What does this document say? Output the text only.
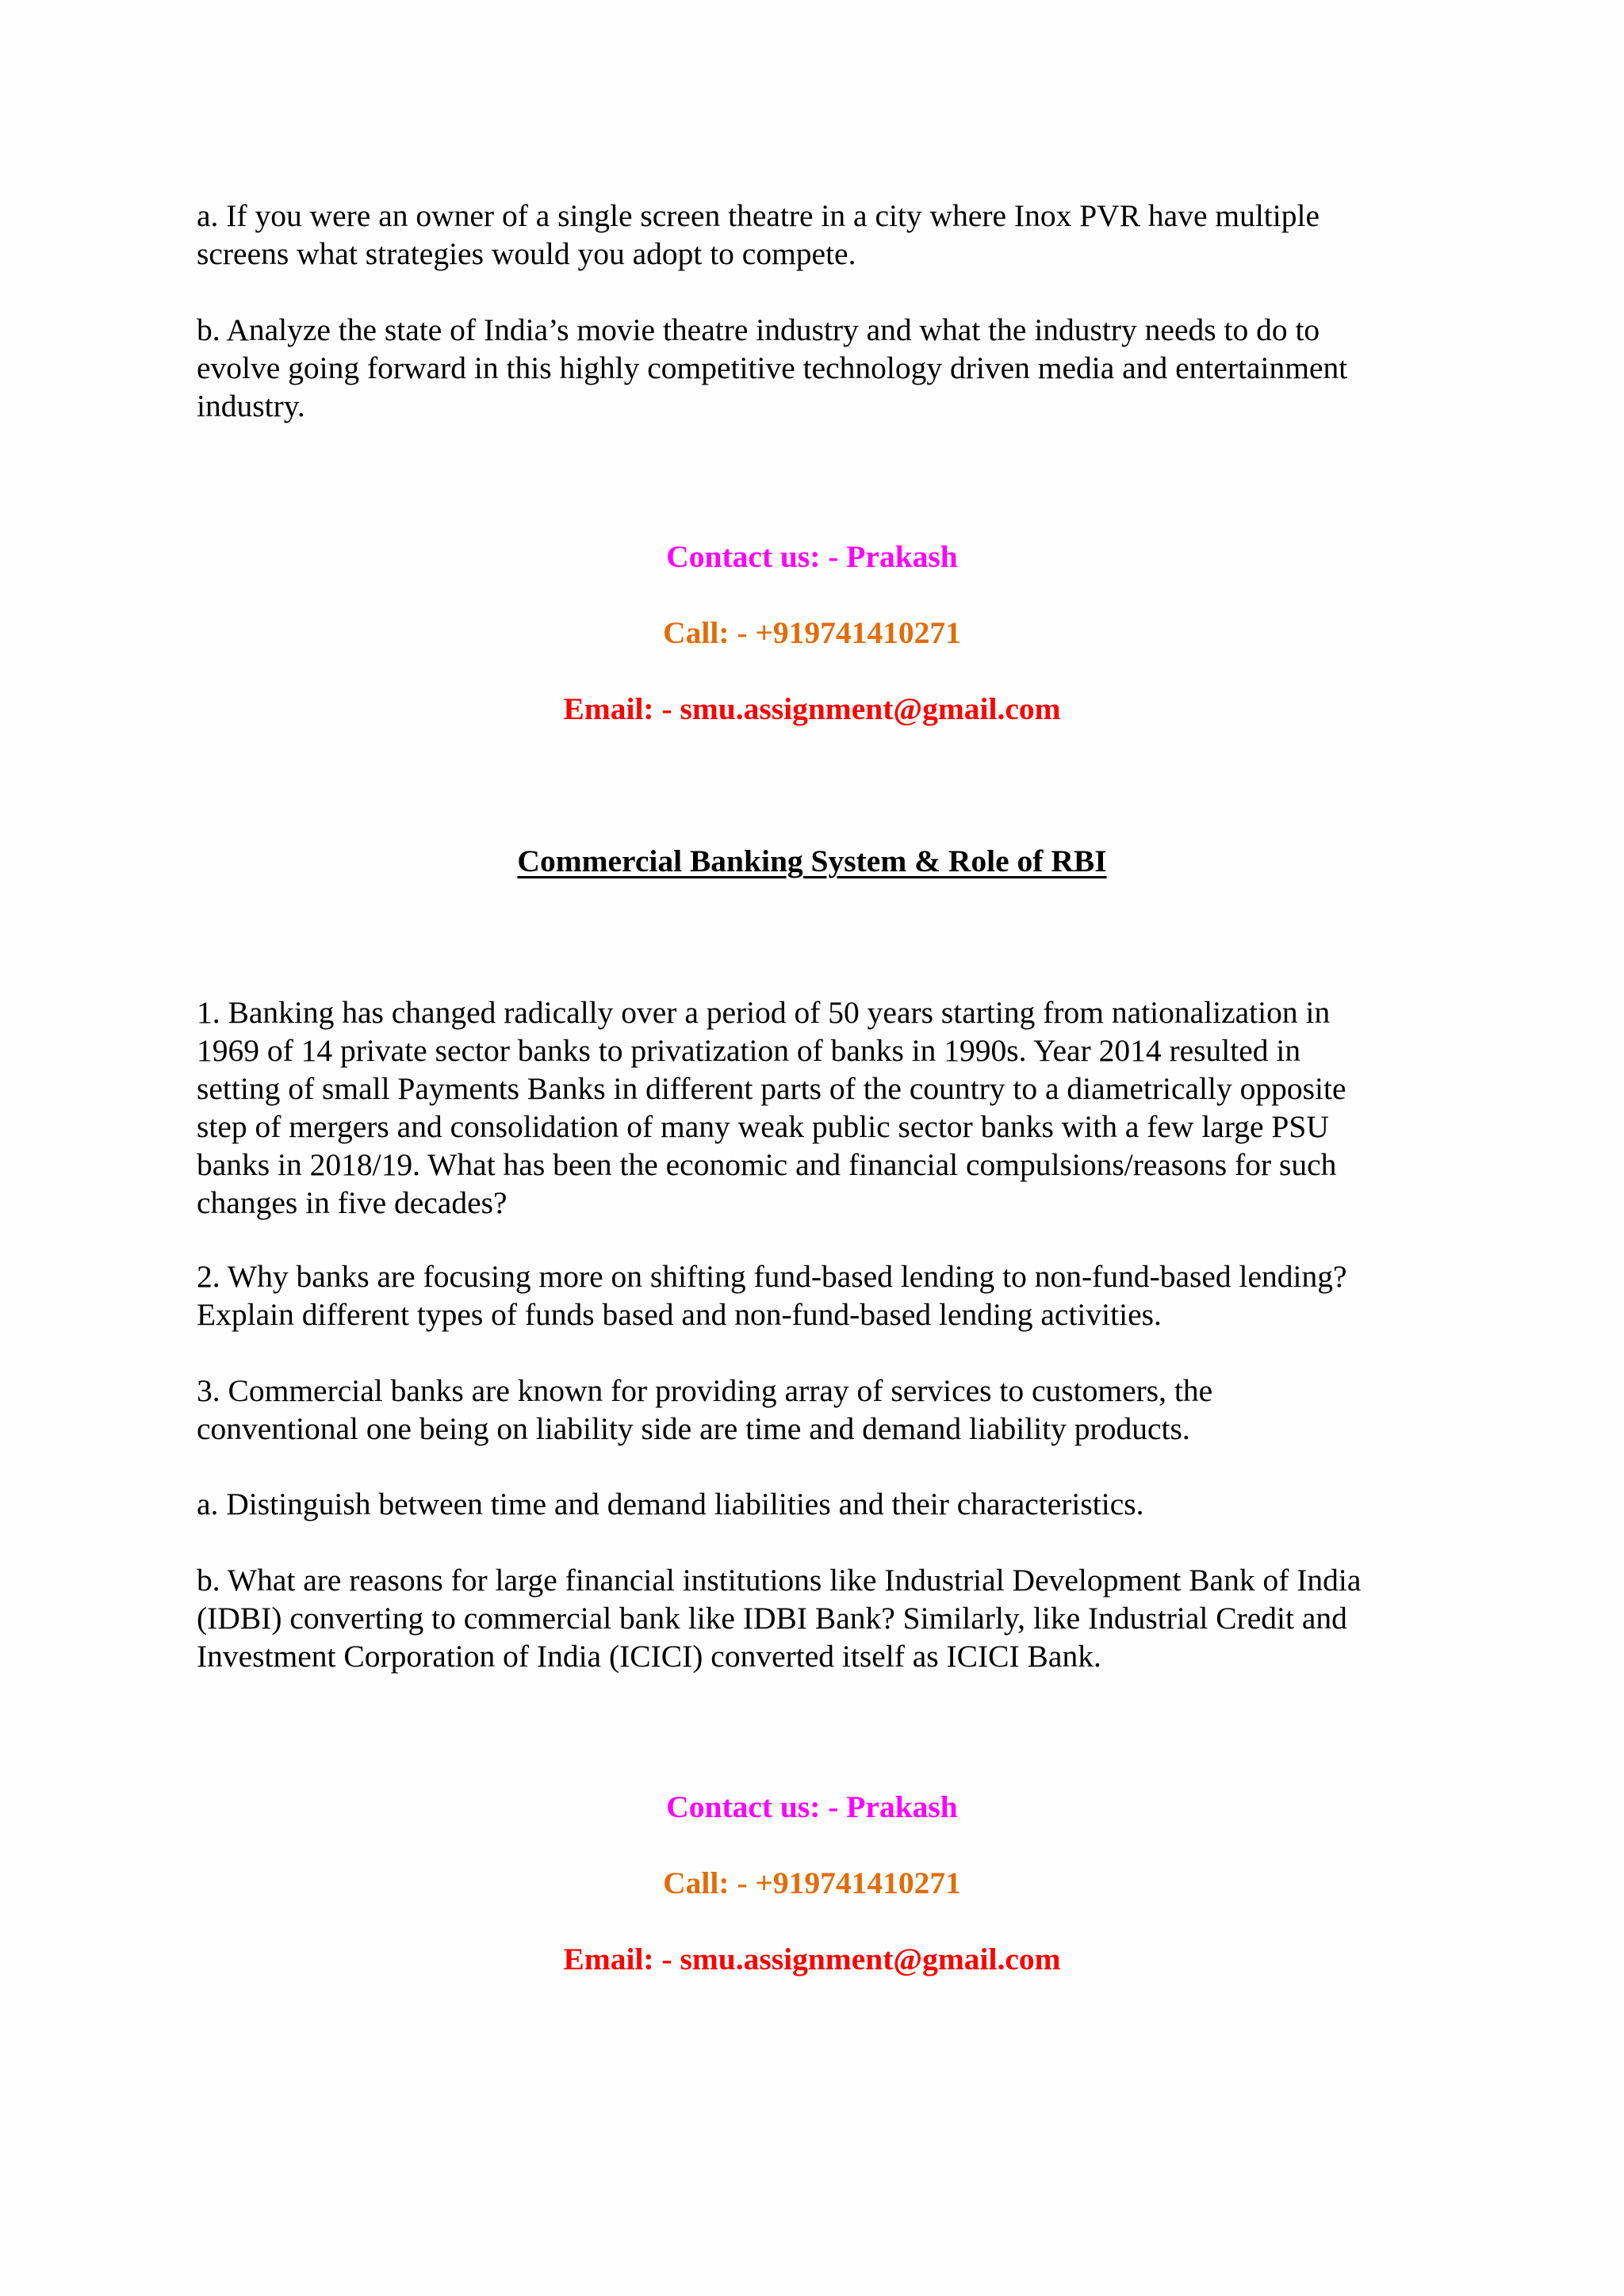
a. If you were an owner of a single screen theatre in a city where Inox PVR have multiple
screens what strategies would you adopt to compete.

b. Analyze the state of India’s movie theatre industry and what the industry needs to do to
evolve going forward in this highly competitive technology driven media and entertainment
industry.

Contact us: - Prakash

Call: - +919741410271

Email: - smu.assignment@gmail.com

Commercial Banking System & Role of RBI

1. Banking has changed radically over a period of 50 years starting from nationalization in
1969 of 14 private sector banks to privatization of banks in 1990s. Year 2014 resulted in
setting of small Payments Banks in different parts of the country to a diametrically opposite
step of mergers and consolidation of many weak public sector banks with a few large PSU
banks in 2018/19. What has been the economic and financial compulsions/reasons for such
changes in five decades?

2. Why banks are focusing more on shifting fund-based lending to non-fund-based lending?
Explain different types of funds based and non-fund-based lending activities.

3. Commercial banks are known for providing array of services to customers, the
conventional one being on liability side are time and demand liability products.

a. Distinguish between time and demand liabilities and their characteristics.

b. What are reasons for large financial institutions like Industrial Development Bank of India
(IDBI) converting to commercial bank like IDBI Bank? Similarly, like Industrial Credit and
Investment Corporation of India (ICICI) converted itself as ICICI Bank.

Contact us: - Prakash

Call: - +919741410271

Email: - smu.assignment@gmail.com
